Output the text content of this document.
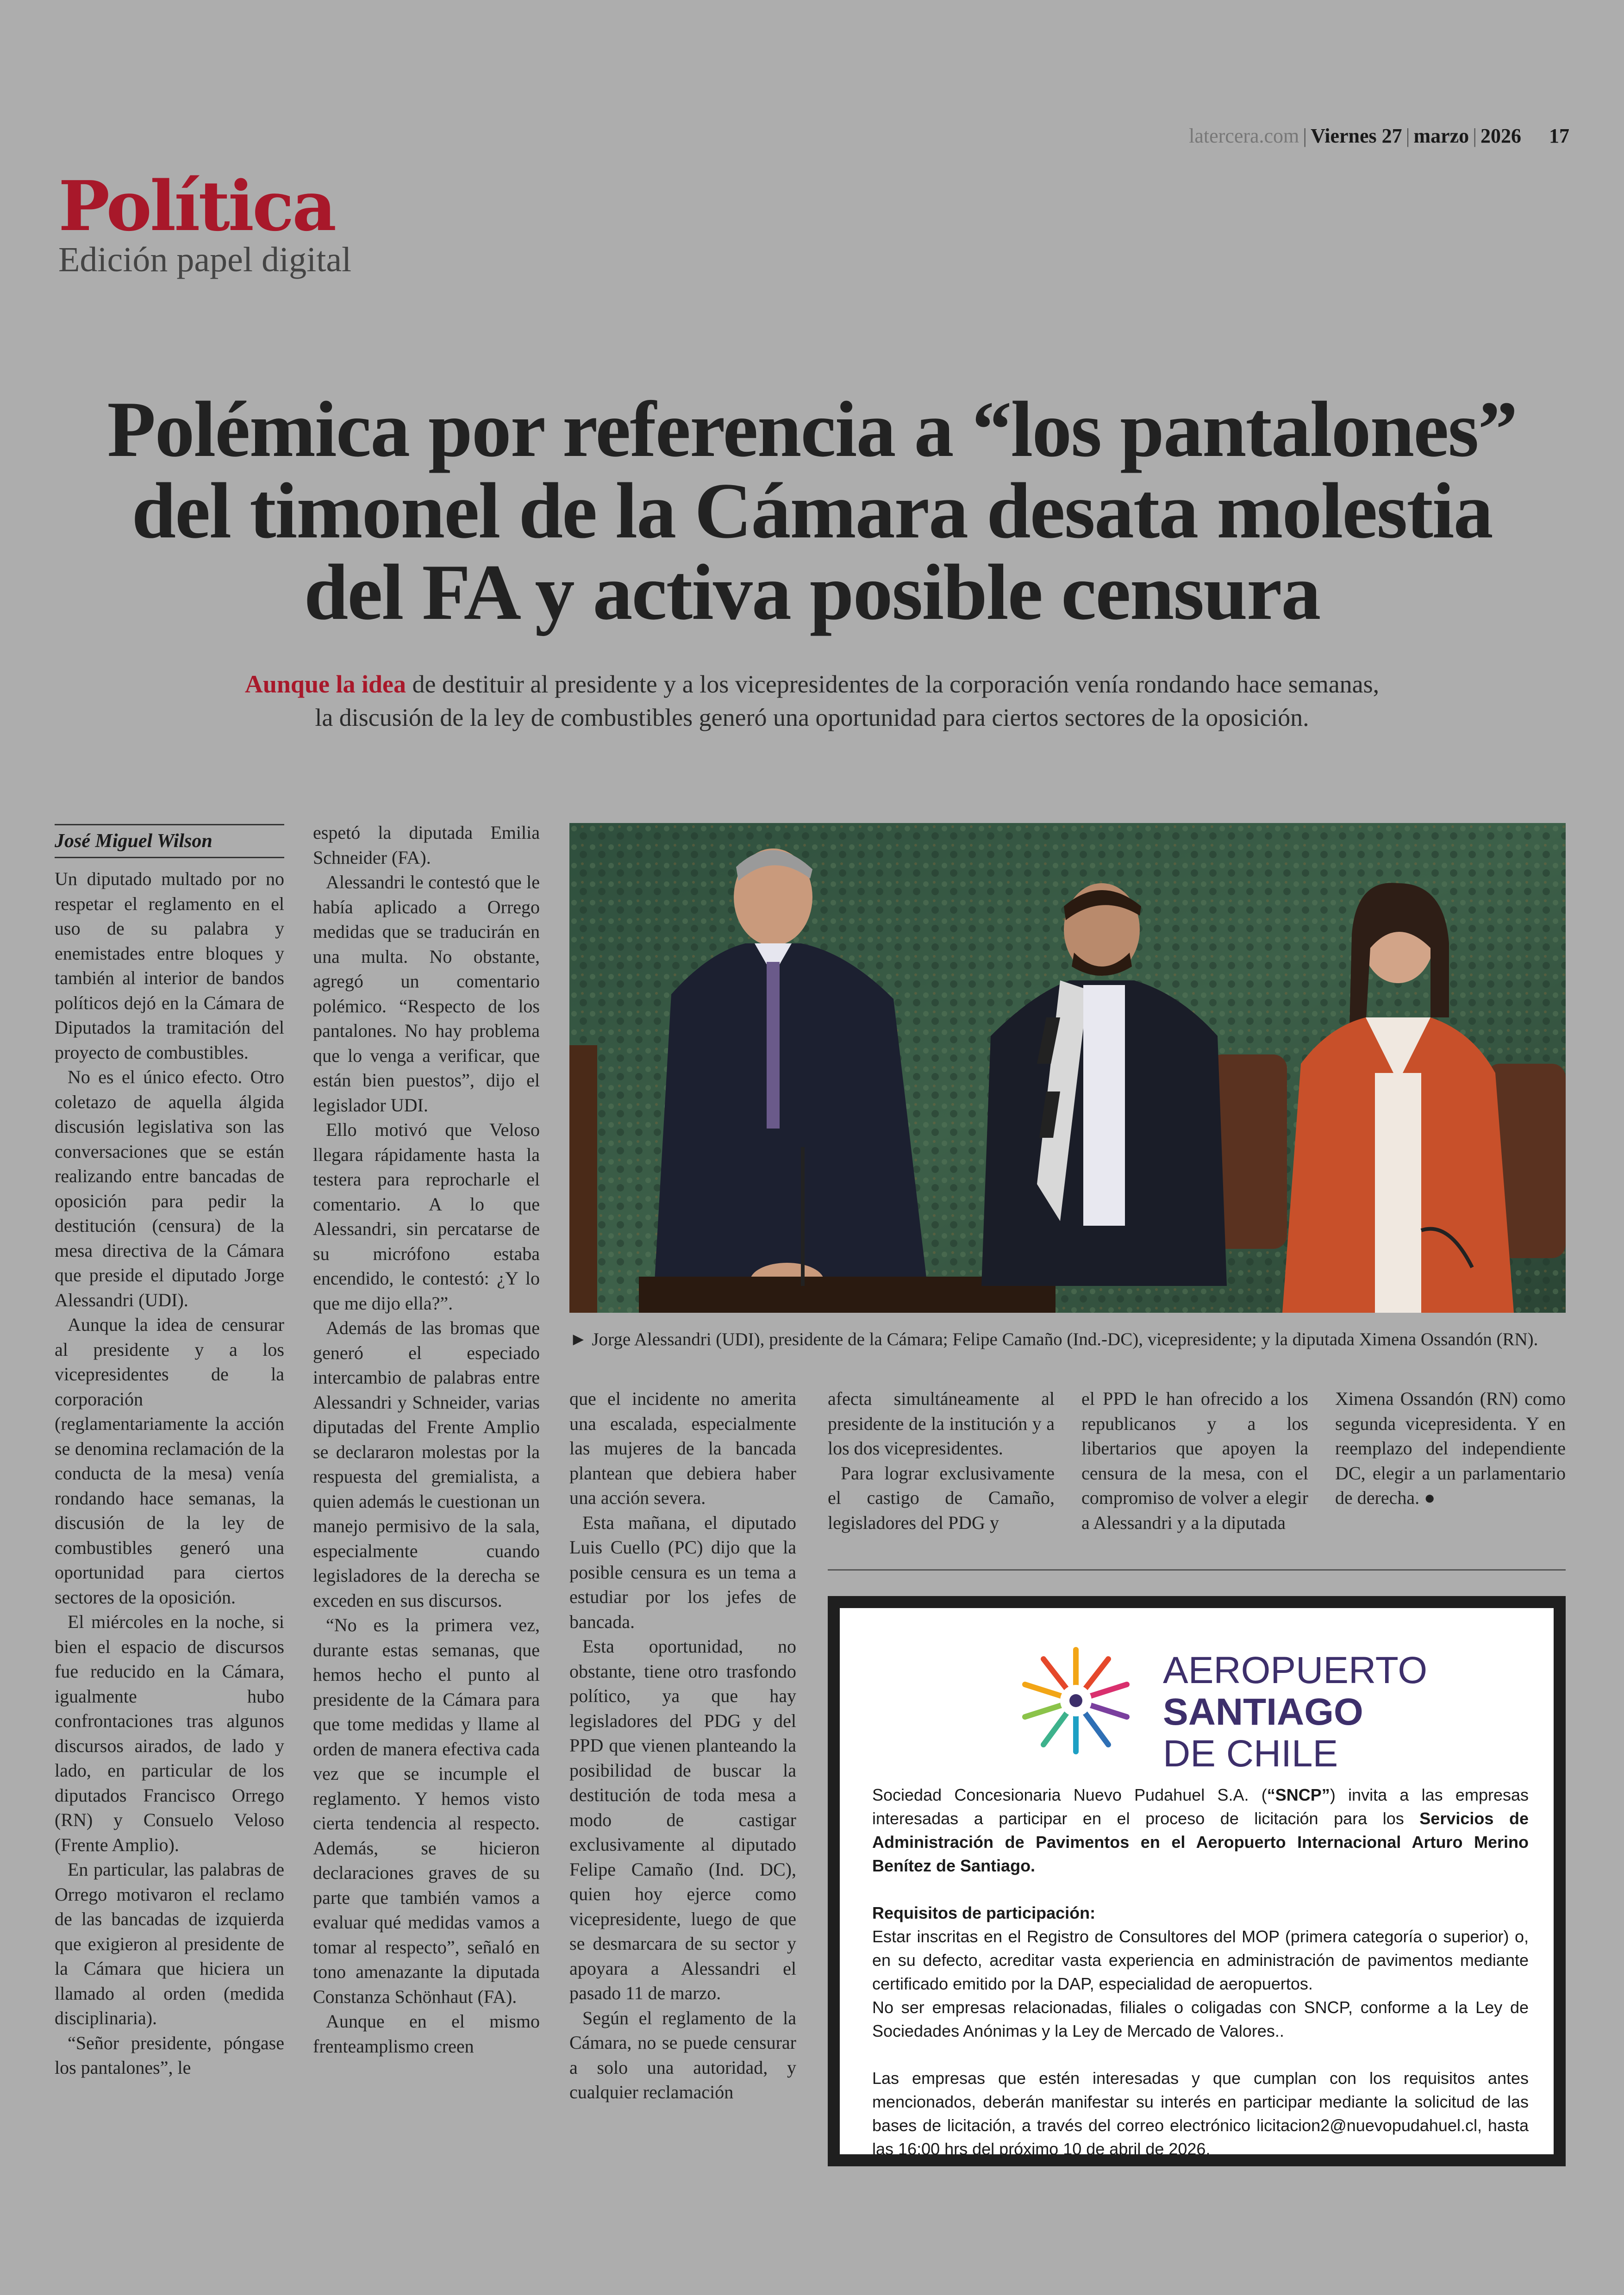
latercera.com | Viernes 27 | marzo | 2026 17
Política
Edición papel digital
Polémica por referencia a “los pantalones”
del timonel de la Cámara desata molestia
del FA y activa posible censura
Aunque la idea de destituir al presidente y a los vicepresidentes de la corporación venía rondando hace semanas,
la discusión de la ley de combustibles generó una oportunidad para ciertos sectores de la oposición.
José Miguel Wilson

Un diputado multado por no respetar el reglamento en el uso de su palabra y enemistades entre bloques y también al interior de bandos políticos dejó en la Cámara de Diputados la tramitación del proyecto de combustibles.

No es el único efecto. Otro coletazo de aquella álgida discusión legislativa son las conversaciones que se están realizando entre bancadas de oposición para pedir la destitución (censura) de la mesa directiva de la Cámara que preside el diputado Jorge Alessandri (UDI).

Aunque la idea de censurar al presidente y a los vicepresidentes de la corporación (reglamentariamente la acción se denomina reclamación de la conducta de la mesa) venía rondando hace semanas, la discusión de la ley de combustibles generó una oportunidad para ciertos sectores de la oposición.

El miércoles en la noche, si bien el espacio de discursos fue reducido en la Cámara, igualmente hubo confrontaciones tras algunos discursos airados, de lado y lado, en particular de los diputados Francisco Orrego (RN) y Consuelo Veloso (Frente Amplio).

En particular, las palabras de Orrego motivaron el reclamo de las bancadas de izquierda que exigieron al presidente de la Cámara que hiciera un llamado al orden (medida disciplinaria).

“Señor presidente, póngase los pantalones”, le

espetó la diputada Emilia Schneider (FA).

Alessandri le contestó que le había aplicado a Orrego medidas que se traducirán en una multa. No obstante, agregó un comentario polémico. “Respecto de los pantalones. No hay problema que lo venga a verificar, que están bien puestos”, dijo el legislador UDI.

Ello motivó que Veloso llegara rápidamente hasta la testera para reprocharle el comentario. A lo que Alessandri, sin percatarse de su micrófono estaba encendido, le contestó: ¿Y lo que me dijo ella?”.

Además de las bromas que generó el especiado intercambio de palabras entre Alessandri y Schneider, varias diputadas del Frente Amplio se declararon molestas por la respuesta del gremialista, a quien además le cuestionan un manejo permisivo de la sala, especialmente cuando legisladores de la derecha se exceden en sus discursos.

“No es la primera vez, durante estas semanas, que hemos hecho el punto al presidente de la Cámara para que tome medidas y llame al orden de manera efectiva cada vez que se incumple el reglamento. Y hemos visto cierta tendencia al respecto. Además, se hicieron declaraciones graves de su parte que también vamos a evaluar qué medidas vamos a tomar al respecto”, señaló en tono amenazante la diputada Constanza Schönhaut (FA).

Aunque en el mismo frenteamplismo creen

► Jorge Alessandri (UDI), presidente de la Cámara; Felipe Camaño (Ind.-DC), vicepresidente; y la diputada Ximena Ossandón (RN).

que el incidente no amerita una escalada, especialmente las mujeres de la bancada plantean que debiera haber una acción severa.

Esta mañana, el diputado Luis Cuello (PC) dijo que la posible censura es un tema a estudiar por los jefes de bancada.

Esta oportunidad, no obstante, tiene otro trasfondo político, ya que hay legisladores del PDG y del PPD que vienen planteando la posibilidad de buscar la destitución de toda mesa a modo de castigar exclusivamente al diputado Felipe Camaño (Ind. DC), quien hoy ejerce como vicepresidente, luego de que se desmarcara de su sector y apoyara a Alessandri el pasado 11 de marzo.

Según el reglamento de la Cámara, no se puede censurar a solo una autoridad, y cualquier reclamación

afecta simultáneamente al presidente de la institución y a los dos vicepresidentes.

Para lograr exclusivamente el castigo de Camaño, legisladores del PDG y

el PPD le han ofrecido a los republicanos y a los libertarios que apoyen la censura de la mesa, con el compromiso de volver a elegir a Alessandri y a la diputada

Ximena Ossandón (RN) como segunda vicepresidenta. Y en reemplazo del independiente DC, elegir a un parlamentario de derecha. ●

AEROPUERTO
SANTIAGO
DE CHILE

Sociedad Concesionaria Nuevo Pudahuel S.A. (“SNCP”) invita a las empresas interesadas a participar en el proceso de licitación para los Servicios de Administración de Pavimentos en el Aeropuerto Internacional Arturo Merino Benítez de Santiago.

Requisitos de participación:
Estar inscritas en el Registro de Consultores del MOP (primera categoría o superior) o, en su defecto, acreditar vasta experiencia en administración de pavimentos mediante certificado emitido por la DAP, especialidad de aeropuertos.
No ser empresas relacionadas, filiales o coligadas con SNCP, conforme a la Ley de Sociedades Anónimas y la Ley de Mercado de Valores..

Las empresas que estén interesadas y que cumplan con los requisitos antes mencionados, deberán manifestar su interés en participar mediante la solicitud de las bases de licitación, a través del correo electrónico licitacion2@nuevopudahuel.cl, hasta las 16:00 hrs del próximo 10 de abril de 2026.
